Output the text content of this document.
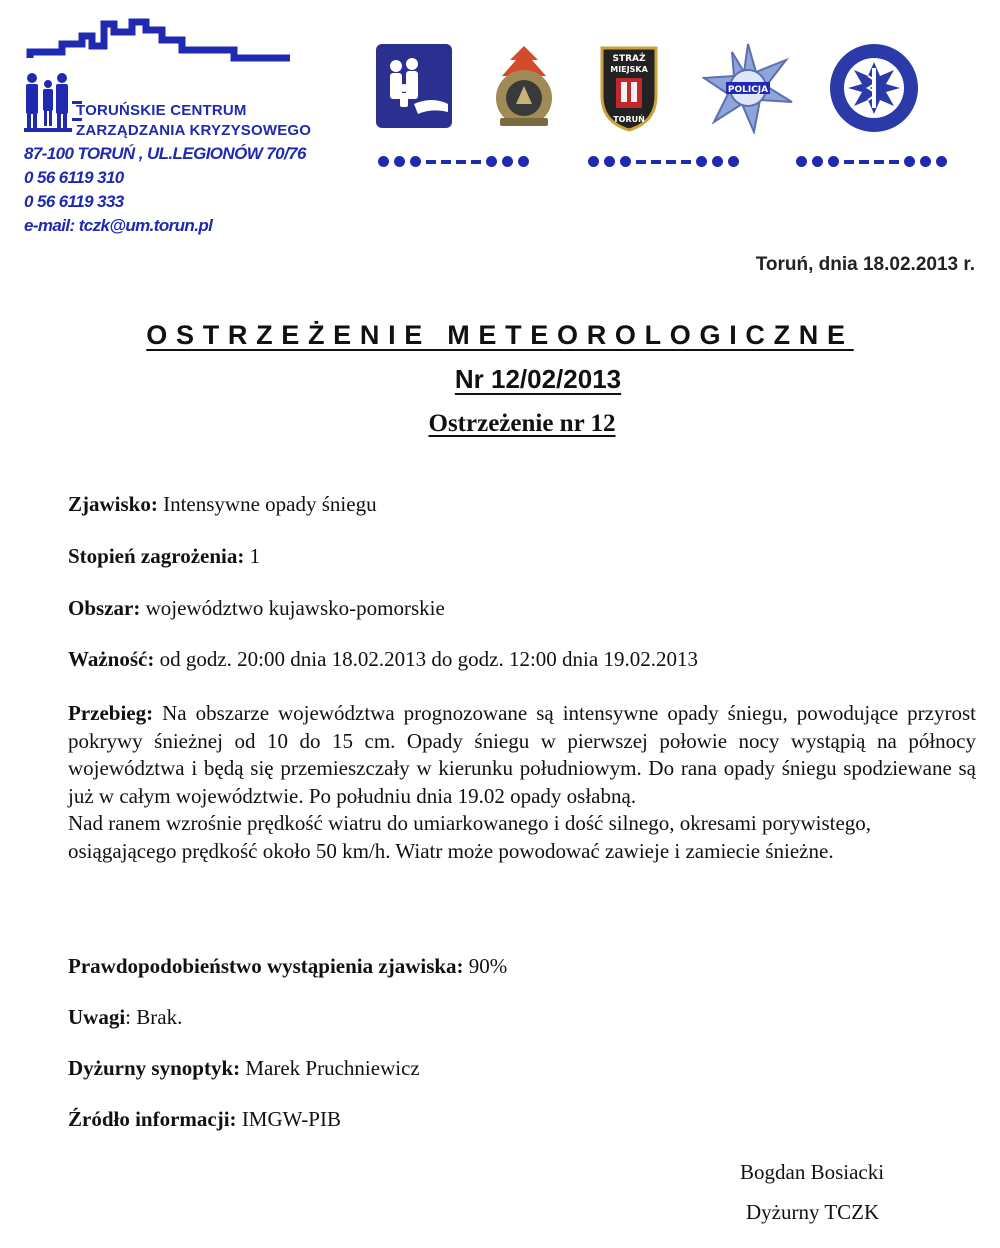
TORUŃSKIE CENTRUM
ZARZĄDZANIA KRYZYSOWEGO
87-100 TORUŃ , UL.LEGIONÓW 70/76
0 56 6119 310
0 56 6119 333
e-mail: tczk@um.torun.pl
STRAŻ
MIEJSKA
TORUŃ
POLICJA
Toruń, dnia 18.02.2013 r.
OSTRZEŻENIE METEOROLOGICZNE
Nr 12/02/2013
Ostrzeżenie nr 12
Zjawisko: Intensywne opady śniegu
Stopień zagrożenia: 1
Obszar: województwo kujawsko-pomorskie
Ważność: od godz. 20:00 dnia 18.02.2013 do godz. 12:00 dnia 19.02.2013

Przebieg: Na obszarze województwa prognozowane są intensywne opady śniegu, powodujące przyrost pokrywy śnieżnej od 10 do 15 cm. Opady śniegu w pierwszej połowie nocy wystąpią na północy województwa i będą się przemieszczały w kierunku południowym. Do rana opady śniegu spodziewane są już w całym województwie. Po południu dnia 19.02 opady osłabną.

Nad ranem wzrośnie prędkość wiatru do umiarkowanego i dość silnego, okresami porywistego,

osiągającego prędkość około 50 km/h. Wiatr może powodować zawieje i zamiecie śnieżne.

Prawdopodobieństwo wystąpienia zjawiska: 90%
Uwagi: Brak.
Dyżurny synoptyk: Marek Pruchniewicz
Źródło informacji: IMGW-PIB
Bogdan Bosiacki
Dyżurny TCZK
